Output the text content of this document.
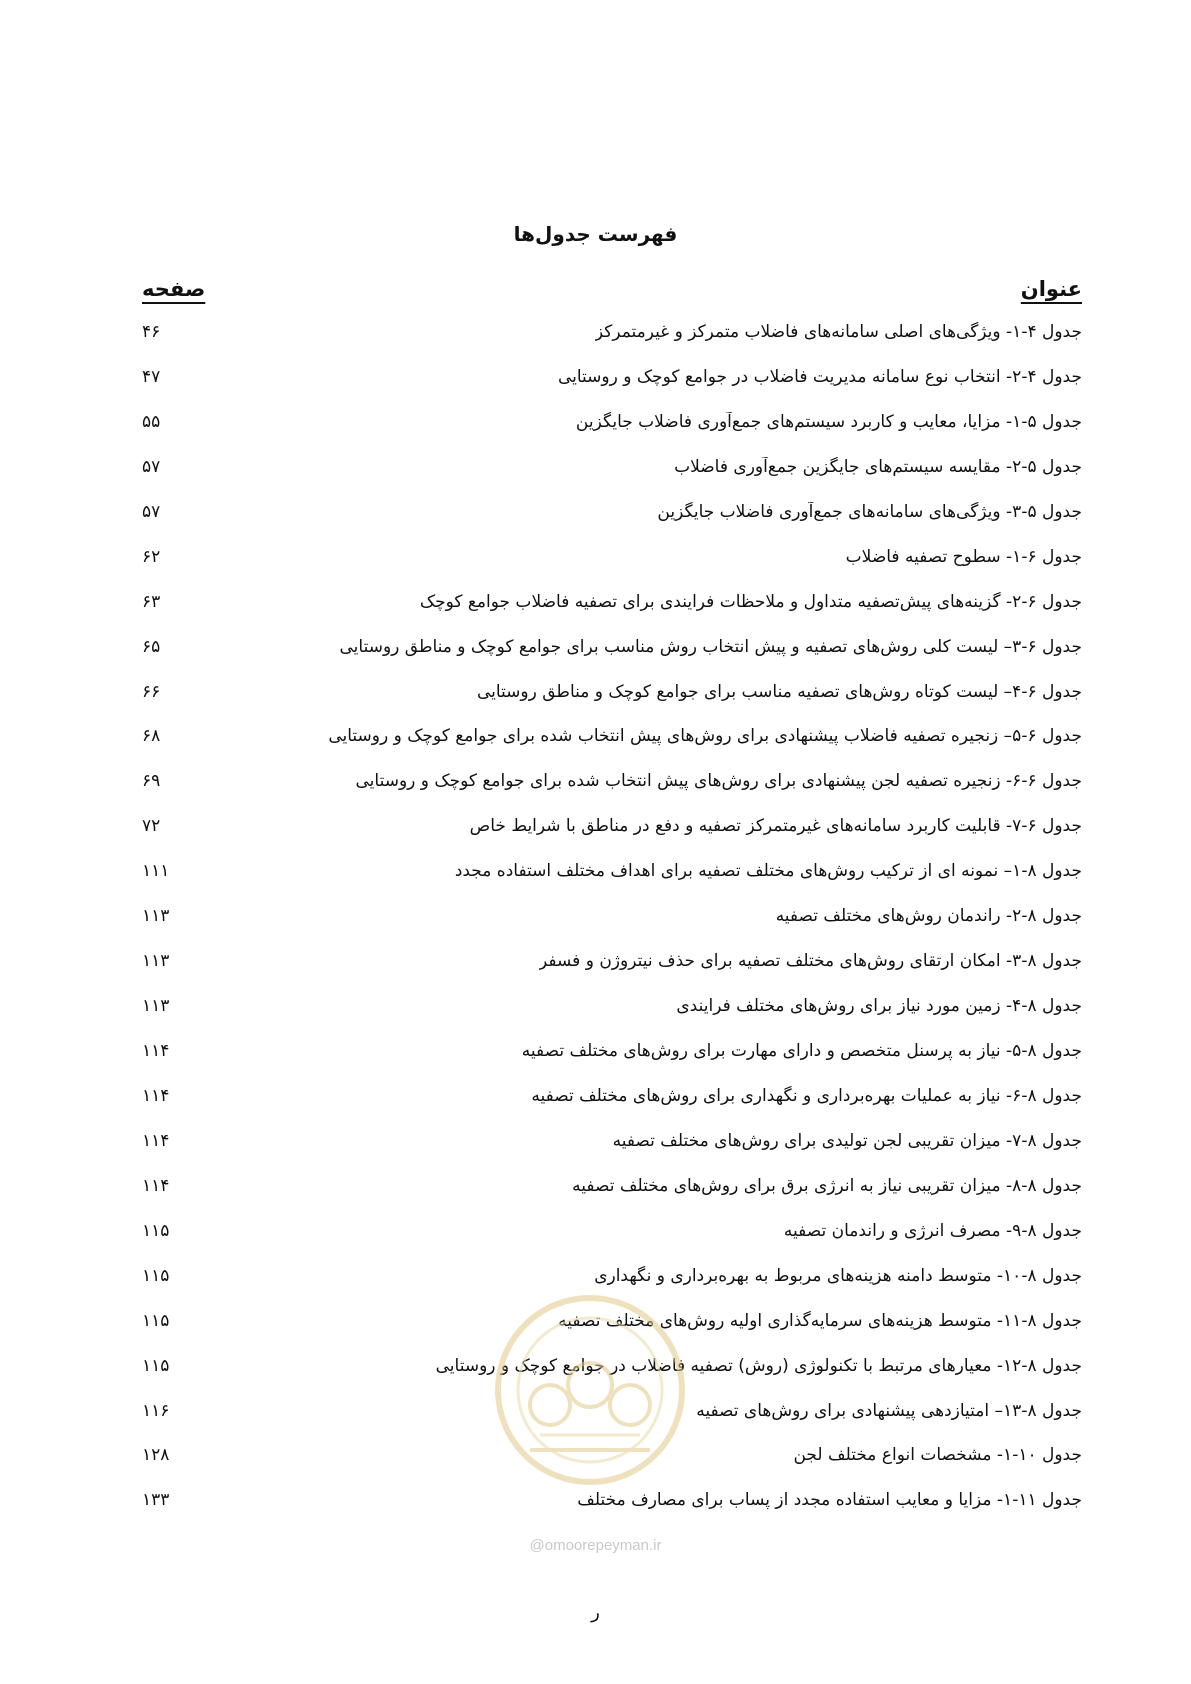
فهرست جدول‌ها
عنوان
صفحه
جدول ۴-۱- ویژگی‌های اصلی سامانه‌های فاضلاب متمرکز و غیرمتمرکز
۴۶
جدول ۴-۲- انتخاب نوع سامانه مدیریت فاضلاب در جوامع کوچک و روستایی
۴۷
جدول ۵-۱- مزایا، معایب و کاربرد سیستم‌های جمع‌آوری فاضلاب جایگزین
۵۵
جدول ۵-۲- مقایسه سیستم‌های جایگزین جمع‌آوری فاضلاب
۵۷
جدول ۵-۳- ویژگی‌های سامانه‌های جمع‌آوری فاضلاب جایگزین
۵۷
جدول ۶-۱- سطوح تصفیه فاضلاب
۶۲
جدول ۶-۲- گزینه‌های پیش‌تصفیه متداول و ملاحظات فرایندی برای تصفیه فاضلاب جوامع کوچک
۶۳
جدول ۶-۳– لیست کلی روش‌های تصفیه و پیش انتخاب روش مناسب برای جوامع کوچک و مناطق روستایی
۶۵
جدول ۶-۴– لیست کوتاه روش‌های تصفیه مناسب برای جوامع کوچک و مناطق روستایی
۶۶
جدول ۶-۵– زنجیره تصفیه فاضلاب پیشنهادی برای روش‌های پیش انتخاب شده برای جوامع کوچک و روستایی
۶۸
جدول ۶-۶- زنجیره تصفیه لجن پیشنهادی برای روش‌های پیش انتخاب شده برای جوامع کوچک و روستایی
۶۹
جدول ۶-۷- قابلیت کاربرد سامانه‌های غیرمتمرکز تصفیه و دفع در مناطق با شرایط خاص
۷۲
جدول ۸-۱– نمونه ای از ترکیب روش‌های مختلف تصفیه برای اهداف مختلف استفاده مجدد
۱۱۱
جدول ۸-۲- راندمان روش‌های مختلف تصفیه
۱۱۳
جدول ۸-۳- امکان ارتقای روش‌های مختلف تصفیه برای حذف نیتروژن و فسفر
۱۱۳
جدول ۸-۴- زمین مورد نیاز برای روش‌های مختلف فرایندی
۱۱۳
جدول ۸-۵- نیاز به پرسنل متخصص و دارای مهارت برای روش‌های مختلف تصفیه
۱۱۴
جدول ۸-۶- نیاز به عملیات بهره‌برداری و نگهداری برای روش‌های مختلف تصفیه
۱۱۴
جدول ۸-۷- میزان تقریبی لجن تولیدی برای روش‌های مختلف تصفیه
۱۱۴
جدول ۸-۸- میزان تقریبی نیاز به انرژی برق برای روش‌های مختلف تصفیه
۱۱۴
جدول ۸-۹- مصرف انرژی و راندمان تصفیه
۱۱۵
جدول ۸-۱۰- متوسط دامنه هزینه‌های مربوط به بهره‌برداری و نگهداری
۱۱۵
جدول ۸-۱۱- متوسط هزینه‌های سرمایه‌گذاری اولیه روش‌های مختلف تصفیه
۱۱۵
جدول ۸-۱۲- معیارهای مرتبط با تکنولوژی (روش) تصفیه فاضلاب در جوامع کوچک و روستایی
۱۱۵
جدول ۸-۱۳– امتیازدهی پیشنهادی برای روش‌های تصفیه
۱۱۶
جدول ۱۰-۱- مشخصات انواع مختلف لجن
۱۲۸
جدول ۱۱-۱- مزایا و معایب استفاده مجدد از پساب برای مصارف مختلف
۱۳۳
@omoorepeyman.ir
ر
